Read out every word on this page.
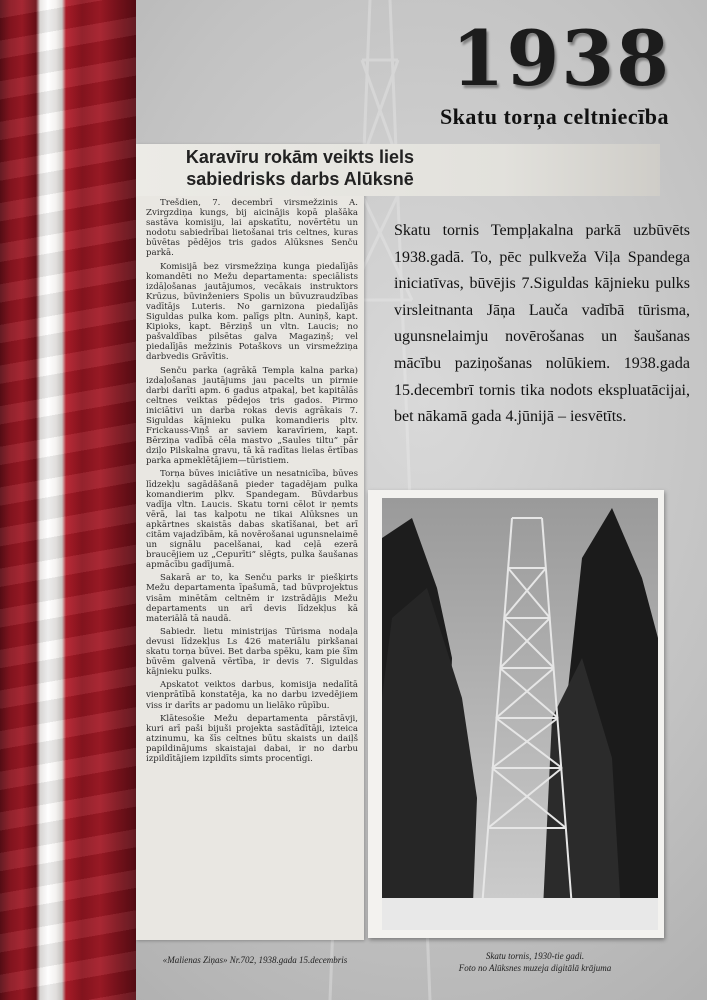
1938
Skatu torņa celtniecība
Karavīru rokām veikts liels sabiedrisks darbs Alūksnē

Trešdien, 7. decembrī virsmežzinis A. Zvirgzdiņa kungs, bij aicinājis kopā plašāka sastāva komisiju, lai apskatītu, novērtētu un nodotu sabiedrībai lietošanai tris celtnes, kuras būvētas pēdējos tris gados Alūksnes Senču parkā.

Komisijā bez virsmežziņa kunga piedalījās komandēti no Mežu departamenta: speciālists izdāļošanas jautājumos, vecākais instruktors Krūzus, būvinženiers Spolis un būvuzraudzības vadītājs Luteris. No garnizona piedalījās Siguldas pulka kom. palīgs pltn. Auniņš, kapt. Kipioks, kapt. Bērziņš un vltn. Laucis; no pašvaldības pilsētas galva Magaziņš; vel piedalījās mežzinis Potaškovs un virsmežziņa darbvedis Grāvītis.

Senču parka (agrākā Templa kalna parka) izdaļošanas jautājums jau pacelts un pirmie darbi darīti apm. 6 gadus atpakaļ, bet kapitālās celtnes veiktas pēdejos tris gados. Pirmo iniciātivi un darba rokas devis agrākais 7. Siguldas kājnieku pulka komandieris pltv. Frickauss-Viņš ar saviem karavīriem, kapt. Bērziņa vadībā cēla mastvo „Saules tiltu” pār dziļo Pilskalna gravu, tā kā radītas lielas ērtības parka apmeklētājiem—tūristiem.

Torņa būves iniciātīve un nesatnicība, būves līdzekļu sagādāšanā pieder tagadējam pulka komandierim plkv. Spandegam. Būvdarbus vadīja vltn. Laucis. Skatu torni cēlot ir ņemts vērā, lai tas kalpotu ne tikai Alūksnes un apkārtnes skaistās dabas skatīšanai, bet arī citām vajadzībām, kā novērošanai ugunsnelaimē un signālu pacelšanai, kad ceļā ezerā braucējiem uz „Cepurīti” slēgts, pulka šaušanas apmācību gadījumā.

Sakarā ar to, ka Senču parks ir piešķirts Mežu departamenta īpašumā, tad būvprojektus visām minētām celtnēm ir izstrādājis Mežu departaments un arī devis līdzekļus kā materiālā tā naudā.

Sabiedr. lietu ministrijas Tūrisma nodaļa devusi līdzekļus Ls 426 materiālu pirkšanai skatu torņa būvei. Bet darba spēku, kam pie šīm būvēm galvenā vērtība, ir devis 7. Siguldas kājnieku pulks.

Apskatot veiktos darbus, komisija nedalītā vienprātībā konstatēja, ka no darbu izvedējiem viss ir darīts ar padomu un lielāko rūpību.

Klātesošie Mežu departamenta pārstāvji, kuri arī paši bijuši projekta sastādītāji, izteica atzinumu, ka šīs celtnes būtu skaists un daiļš papildinājums skaistajai dabai, ir no darbu izpildītājiem izpildīts simts procentīgi.

Skatu tornis Tempļakalna parkā uzbūvēts 1938.gadā. To, pēc pulkveža Viļa Spandega iniciatīvas, būvējis 7.Siguldas kājnieku pulks virsleitnanta Jāņa Lauča vadībā tūrisma, ugunsnelaimju novērošanas un šaušanas mācību paziņošanas nolūkiem. 1938.gada 15.decembrī tornis tika nodots ekspluatācijai, bet nākamā gada 4.jūnijā – iesvētīts.
«Malienas Ziņas» Nr.702, 1938.gada 15.decembris	Skatu tornis, 1930-tie gadi.
Foto no Alūksnes muzeja digitālā krājuma
